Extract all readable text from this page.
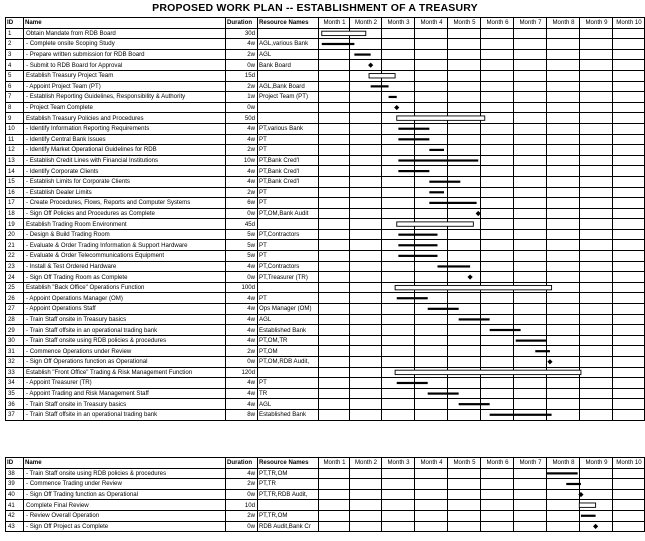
PROPOSED WORK PLAN -- ESTABLISHMENT OF A TREASURY
ID	Name	Duration	Resource Names	Month 1	Month 2	Month 3	Month 4	Month 5	Month 6	Month 7	Month 8	Month 9	Month 10
1	Obtain Mandate from RDB Board	30d											
2	- Complete onsite Scoping Study	4w	AGL,various Bank										
3	- Prepare written submission for RDB Board	2w	AGL										
4	- Submit to RDB Board for Approval	0w	Bank Board										
5	Establish Treasury Project Team	15d											
6	- Appoint Project Team (PT)	2w	AGL,Bank Board										
7	- Establish Reporting Guidelines, Responsibility & Authority	1w	Project Team (PT)										
8	- Project Team Complete	0w											
9	Establish Treasury Policies and Procedures	50d											
10	- Identify Information Reporting Requirements	4w	PT,various Bank										
11	- Identify Central Bank Issues	4w	PT										
12	- Identify Market Operational Guidelines for RDB	2w	PT										
13	- Establish Credit Lines with Financial Institutions	10w	PT,Bank Cred'l										
14	- Identify Corporate Clients	4w	PT,Bank Cred'l										
15	- Establish Limits for Corporate Clients	4w	PT,Bank Cred'l										
16	- Establish Dealer Limits	2w	PT										
17	- Create Procedures, Flows, Reports and Computer Systems	6w	PT										
18	- Sign Off Policies and Procedures as Complete	0w	PT,OM,Bank Audit										
19	Establish Trading Room Environment	45d											
20	- Design & Build Trading Room	5w	PT,Contractors										
21	- Evaluate & Order Trading Information & Support Hardware	5w	PT										
22	- Evaluate & Order Telecommunications Equipment	5w	PT										
23	- Install & Test Ordered Hardware	4w	PT,Contractors										
24	- Sign Off Trading Room as Complete	0w	PT,Treasurer (TR)										
25	Establish "Back Office" Operations Function	100d											
26	- Appoint Operations Manager (OM)	4w	PT										
27	- Appoint Operations Staff	4w	Ops Manager (OM)										
28	- Train Staff onsite in Treasury basics	4w	AGL										
29	- Train Staff offsite in an operational trading bank	4w	Established Bank										
30	- Train Staff onsite using RDB policies & procedures	4w	PT,OM,TR										
31	- Commence Operations under Review	2w	PT,OM										
32	- Sign Off Operations function as Operational	0w	PT,OM,RDB Audit,										
33	Establish "Front Office" Trading & Risk Management Function	120d											
34	- Appoint Treasurer (TR)	4w	PT										
35	- Appoint Trading and Risk Management Staff	4w	TR										
36	- Train Staff onsite in Treasury basics	4w	AGL										
37	- Train Staff offsite in an operational trading bank	8w	Established Bank										
ID	Name	Duration	Resource Names	Month 1	Month 2	Month 3	Month 4	Month 5	Month 6	Month 7	Month 8	Month 9	Month 10
38	- Train Staff onsite using RDB policies & procedures	4w	PT,TR,OM										
39	- Commence Trading under Review	2w	PT,TR										
40	- Sign Off Trading function as Operational	0w	PT,TR,RDB Audit,										
41	Complete Final Review	10d											
42	- Review Overall Operation	2w	PT,TR,OM										
43	- Sign Off Project as Complete	0w	RDB Audit,Bank Cr										
